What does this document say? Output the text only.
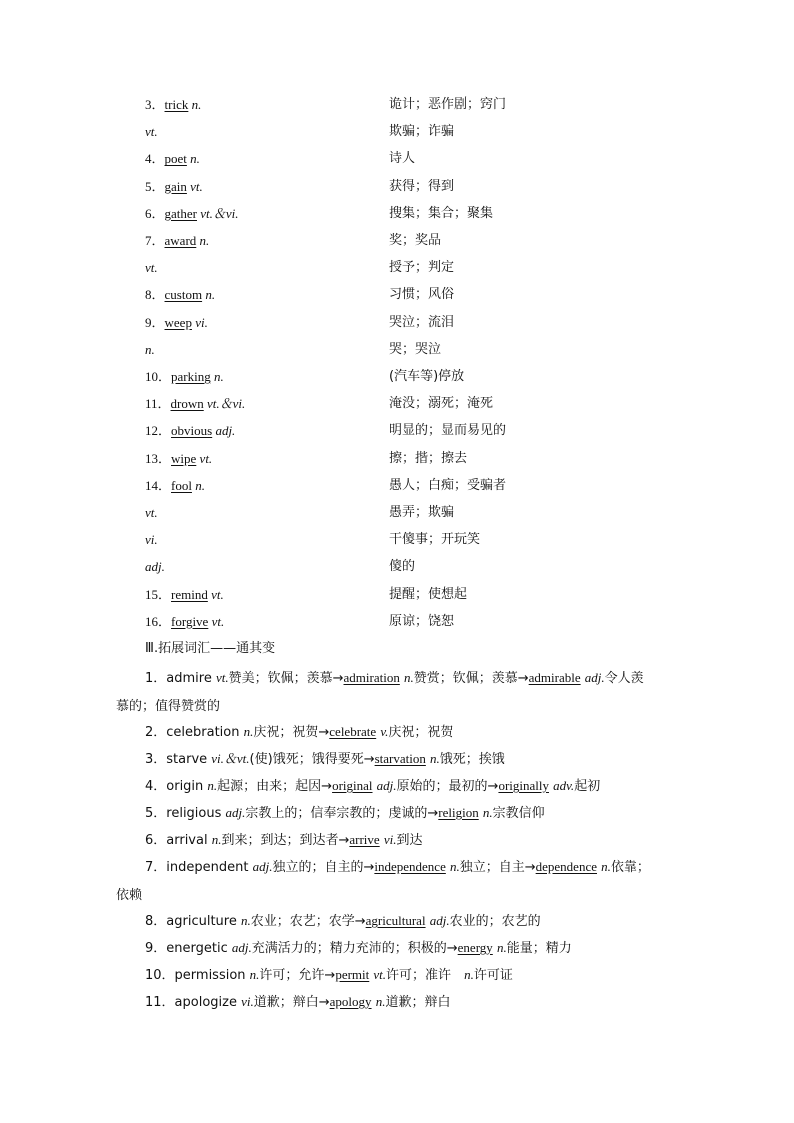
3．trick n.	诡计；恶作剧；窍门
vt.	欺骗；诈骗
4．poet n.	诗人
5．gain vt.	获得；得到
6．gather vt.＆vi.	搜集；集合；聚集
7．award n.	奖；奖品
vt.	授予；判定
8．custom n.	习惯；风俗
9．weep vi.	哭泣；流泪
n.	哭；哭泣
10．parking n.	(汽车等)停放
11．drown vt.＆vi.	淹没；溺死；淹死
12．obvious adj.	明显的；显而易见的
13．wipe vt.	擦；揩；擦去
14．fool n.	愚人；白痴；受骗者
vt.	愚弄；欺骗
vi.	干傻事；开玩笑
adj.	傻的
15．remind vt.	提醒；使想起
16．forgive vt.	原谅；饶恕
Ⅲ.拓展词汇——通其变
1．admire vt.赞美；钦佩；羡慕→admiration n.赞赏；钦佩；羡慕→admirable adj.令人羡
慕的；值得赞赏的
2．celebration n.庆祝；祝贺→celebrate v.庆祝；祝贺
3．starve vi.＆vt.(使)饿死；饿得要死→starvation n.饿死；挨饿
4．origin n.起源；由来；起因→original adj.原始的；最初的→originally adv.起初
5．religious adj.宗教上的；信奉宗教的；虔诚的→religion n.宗教信仰
6．arrival n.到来；到达；到达者→arrive vi.到达
7．independent adj.独立的；自主的→independence n.独立；自主→dependence n.依靠；
依赖
8．agriculture n.农业；农艺；农学→agricultural adj.农业的；农艺的
9．energetic adj.充满活力的；精力充沛的；积极的→energy n.能量；精力
10．permission n.许可；允许→permit vt.许可；准许　n.许可证
11．apologize vi.道歉；辩白→apology n.道歉；辩白
